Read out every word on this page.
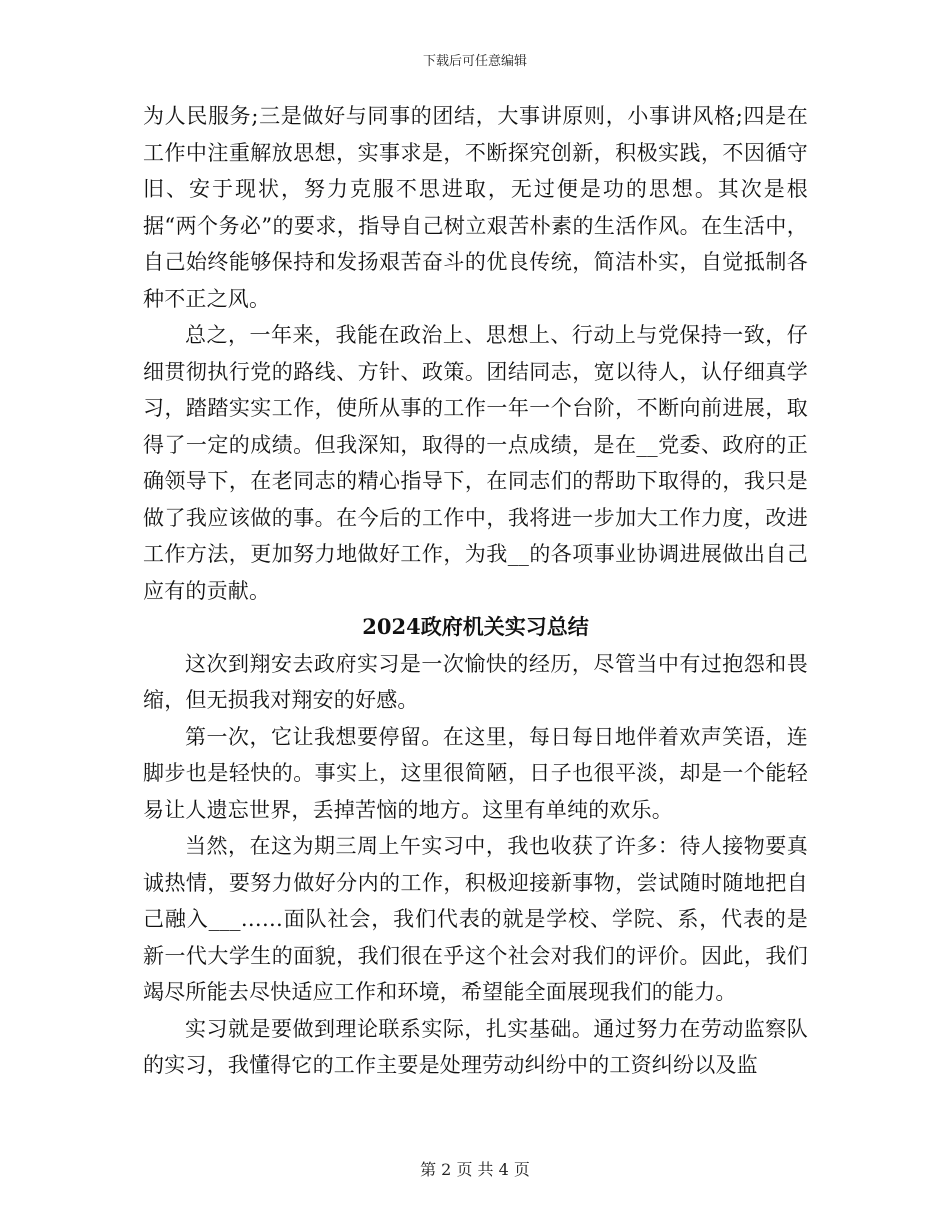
下载后可任意编辑

为人民服务;三是做好与同事的团结，大事讲原则，小事讲风格;四是在工作中注重解放思想，实事求是，不断探究创新，积极实践，不因循守旧、安于现状，努力克服不思进取，无过便是功的思想。其次是根据“两个务必”的要求，指导自己树立艰苦朴素的生活作风。在生活中，自己始终能够保持和发扬艰苦奋斗的优良传统，简洁朴实，自觉抵制各种不正之风。

总之，一年来，我能在政治上、思想上、行动上与党保持一致，仔细贯彻执行党的路线、方针、政策。团结同志，宽以待人，认仔细真学习，踏踏实实工作，使所从事的工作一年一个台阶，不断向前进展，取得了一定的成绩。但我深知，取得的一点成绩，是在__党委、政府的正确领导下，在老同志的精心指导下，在同志们的帮助下取得的，我只是做了我应该做的事。在今后的工作中，我将进一步加大工作力度，改进工作方法，更加努力地做好工作，为我__的各项事业协调进展做出自己应有的贡献。

2024政府机关实习总结

这次到翔安去政府实习是一次愉快的经历，尽管当中有过抱怨和畏缩，但无损我对翔安的好感。

第一次，它让我想要停留。在这里，每日每日地伴着欢声笑语，连脚步也是轻快的。事实上，这里很简陋，日子也很平淡，却是一个能轻易让人遗忘世界，丢掉苦恼的地方。这里有单纯的欢乐。

当然，在这为期三周上午实习中，我也收获了许多：待人接物要真诚热情，要努力做好分内的工作，积极迎接新事物，尝试随时随地把自己融入___……面队社会，我们代表的就是学校、学院、系，代表的是新一代大学生的面貌，我们很在乎这个社会对我们的评价。因此，我们竭尽所能去尽快适应工作和环境，希望能全面展现我们的能力。

实习就是要做到理论联系实际，扎实基础。通过努力在劳动监察队的实习，我懂得它的工作主要是处理劳动纠纷中的工资纠纷以及监

第 2 页 共 4 页
